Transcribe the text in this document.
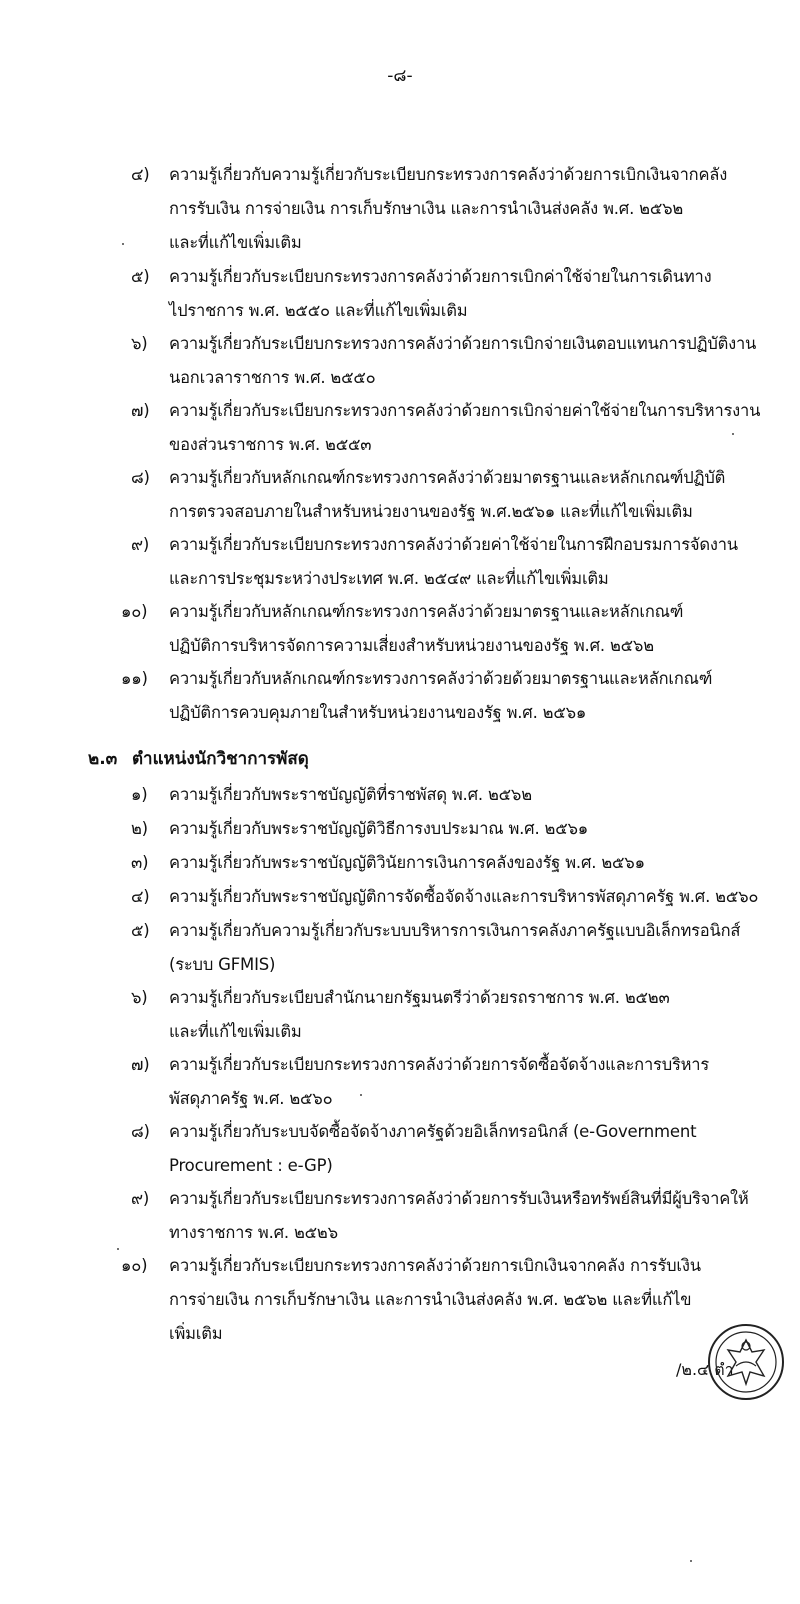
-๘-
๔) ความรู้เกี่ยวกับความรู้เกี่ยวกับระเบียบกระทรวงการคลังว่าด้วยการเบิกเงินจากคลัง
การรับเงิน การจ่ายเงิน การเก็บรักษาเงิน และการนำเงินส่งคลัง พ.ศ. ๒๕๖๒
และที่แก้ไขเพิ่มเติม
๕) ความรู้เกี่ยวกับระเบียบกระทรวงการคลังว่าด้วยการเบิกค่าใช้จ่ายในการเดินทาง
ไปราชการ พ.ศ. ๒๕๕๐ และที่แก้ไขเพิ่มเติม
๖) ความรู้เกี่ยวกับระเบียบกระทรวงการคลังว่าด้วยการเบิกจ่ายเงินตอบแทนการปฏิบัติงาน
นอกเวลาราชการ พ.ศ. ๒๕๕๐
๗) ความรู้เกี่ยวกับระเบียบกระทรวงการคลังว่าด้วยการเบิกจ่ายค่าใช้จ่ายในการบริหารงาน
ของส่วนราชการ พ.ศ. ๒๕๕๓
๘) ความรู้เกี่ยวกับหลักเกณฑ์กระทรวงการคลังว่าด้วยมาตรฐานและหลักเกณฑ์ปฏิบัติ
การตรวจสอบภายในสำหรับหน่วยงานของรัฐ พ.ศ.๒๕๖๑ และที่แก้ไขเพิ่มเติม
๙) ความรู้เกี่ยวกับระเบียบกระทรวงการคลังว่าด้วยค่าใช้จ่ายในการฝึกอบรมการจัดงาน
และการประชุมระหว่างประเทศ พ.ศ. ๒๕๔๙ และที่แก้ไขเพิ่มเติม
๑๐) ความรู้เกี่ยวกับหลักเกณฑ์กระทรวงการคลังว่าด้วยมาตรฐานและหลักเกณฑ์
ปฏิบัติการบริหารจัดการความเสี่ยงสำหรับหน่วยงานของรัฐ พ.ศ. ๒๕๖๒
๑๑) ความรู้เกี่ยวกับหลักเกณฑ์กระทรวงการคลังว่าด้วยด้วยมาตรฐานและหลักเกณฑ์
ปฏิบัติการควบคุมภายในสำหรับหน่วยงานของรัฐ พ.ศ. ๒๕๖๑
๒.๓ ตำแหน่งนักวิชาการพัสดุ
๑) ความรู้เกี่ยวกับพระราชบัญญัติที่ราชพัสดุ พ.ศ. ๒๕๖๒
๒) ความรู้เกี่ยวกับพระราชบัญญัติวิธีการงบประมาณ พ.ศ. ๒๕๖๑
๓) ความรู้เกี่ยวกับพระราชบัญญัติวินัยการเงินการคลังของรัฐ พ.ศ. ๒๕๖๑
๔) ความรู้เกี่ยวกับพระราชบัญญัติการจัดซื้อจัดจ้างและการบริหารพัสดุภาครัฐ พ.ศ. ๒๕๖๐
๕) ความรู้เกี่ยวกับความรู้เกี่ยวกับระบบบริหารการเงินการคลังภาครัฐแบบอิเล็กทรอนิกส์
(ระบบ GFMIS)
๖) ความรู้เกี่ยวกับระเบียบสำนักนายกรัฐมนตรีว่าด้วยรถราชการ พ.ศ. ๒๕๒๓
และที่แก้ไขเพิ่มเติม
๗) ความรู้เกี่ยวกับระเบียบกระทรวงการคลังว่าด้วยการจัดซื้อจัดจ้างและการบริหาร
พัสดุภาครัฐ พ.ศ. ๒๕๖๐
๘) ความรู้เกี่ยวกับระบบจัดซื้อจัดจ้างภาครัฐด้วยอิเล็กทรอนิกส์ (e-Government
Procurement : e-GP)
๙) ความรู้เกี่ยวกับระเบียบกระทรวงการคลังว่าด้วยการรับเงินหรือทรัพย์สินที่มีผู้บริจาคให้
ทางราชการ พ.ศ. ๒๕๒๖
๑๐) ความรู้เกี่ยวกับระเบียบกระทรวงการคลังว่าด้วยการเบิกเงินจากคลัง การรับเงิน
การจ่ายเงิน การเก็บรักษาเงิน และการนำเงินส่งคลัง พ.ศ. ๒๕๖๒ และที่แก้ไข
เพิ่มเติม
/๒.๔ ตำ
